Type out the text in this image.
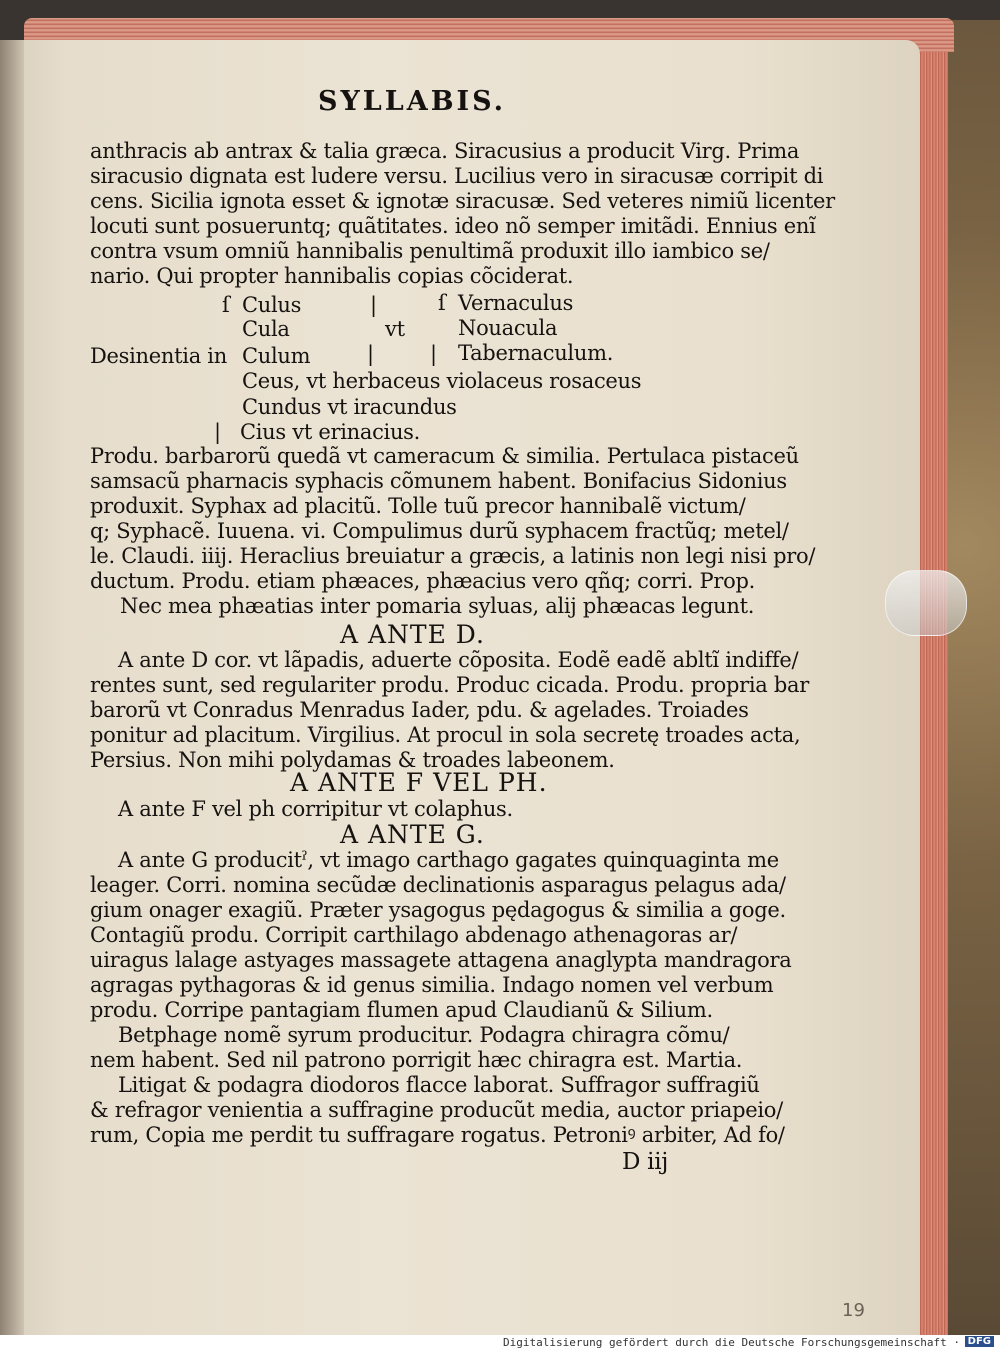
SYLLABIS.
anthracis ab antrax & talia græca. Siracusius a producit Virg. Prima
siracusio dignata est ludere versu. Lucilius vero in siracusæ corripit di
cens. Sicilia ignota esset & ignotæ siracusæ. Sed veteres nimiũ licenter
locuti sunt posueruntq; quãtitates. ideo nõ semper imitãdi. Ennius enĩ
contra vsum omniũ hannibalis penultimã produxit illo iambico se/
nario. Qui propter hannibalis copias cõciderat.
ſ Culus	|	ſ Vernaculus
Cula	vt	Nouacula
Desinentia in Culum	|	| Tabernaculum.
Ceus, vt herbaceus violaceus rosaceus
Cundus vt iracundus
| Cius vt erinacius.
Produ. barbarorũ quedã vt cameracum & similia. Pertulaca pistaceũ
samsacũ pharnacis syphacis cõmunem habent. Bonifacius Sidonius
produxit. Syphax ad placitũ. Tolle tuũ precor hannibalẽ victum/
q; Syphacẽ. Iuuena. vi. Compulimus durũ syphacem fractũq; metel/
le. Claudi. iiij. Heraclius breuiatur a græcis, a latinis non legi nisi pro/
ductum. Produ. etiam phæaces, phæacius vero qñq; corri. Prop.
Nec mea phæatias inter pomaria syluas, alij phæacas legunt.
A ANTE D.
A ante D cor. vt lãpadis, aduerte cõposita. Eodẽ eadẽ abltĩ indiffe/
rentes sunt, sed regulariter produ. Produc cicada. Produ. propria bar
barorũ vt Conradus Menradus Iader, pdu. & agelades. Troiades
ponitur ad placitum. Virgilius. At procul in sola secretę troades acta,
Persius. Non mihi polydamas & troades labeonem.
A ANTE F VEL PH.
A ante F vel ph corripitur vt colaphus.
A ANTE G.
A ante G producitˀ, vt imago carthago gagates quinquaginta me
leager. Corri. nomina secũdæ declinationis asparagus pelagus ada/
gium onager exagiũ. Præter ysagogus pędagogus & similia a goge.
Contagiũ produ. Corripit carthilago abdenago athenagoras ar/
uiragus lalage astyages massagete attagena anaglypta mandragora
agragas pythagoras & id genus similia. Indago nomen vel verbum
produ. Corripe pantagiam flumen apud Claudianũ & Silium.
Betphage nomẽ syrum producitur. Podagra chiragra cõmu/
nem habent. Sed nil patrono porrigit hæc chiragra est. Martia.
Litigat & podagra diodoros flacce laborat. Suffragor suffragiũ
& refragor venientia a suffragine producũt media, auctor priapeio/
rum, Copia me perdit tu suffragare rogatus. Petroniꝰ arbiter, Ad fo/
D iij
19
Digitalisierung gefördert durch die Deutsche Forschungsgemeinschaft · DFG
